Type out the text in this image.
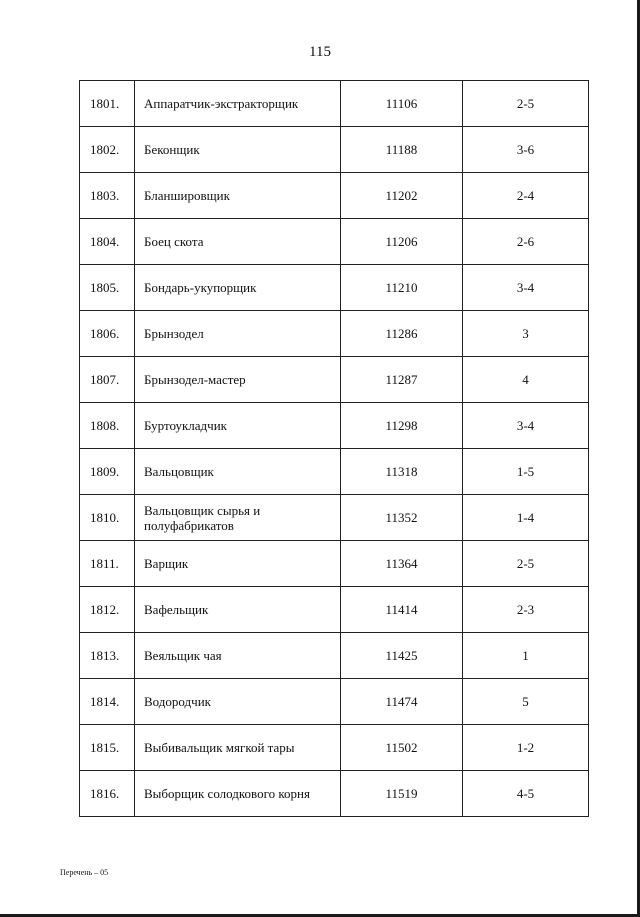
115
1801.	Аппаратчик-экстракторщик	11106	2-5
1802.	Беконщик	11188	3-6
1803.	Бланшировщик	11202	2-4
1804.	Боец скота	11206	2-6
1805.	Бондарь-укупорщик	11210	3-4
1806.	Брынзодел	11286	3
1807.	Брынзодел-мастер	11287	4
1808.	Буртоукладчик	11298	3-4
1809.	Вальцовщик	11318	1-5
1810.	Вальцовщик сырья и полуфабрикатов	11352	1-4
1811.	Варщик	11364	2-5
1812.	Вафельщик	11414	2-3
1813.	Веяльщик чая	11425	1
1814.	Водородчик	11474	5
1815.	Выбивальщик мягкой тары	11502	1-2
1816.	Выборщик солодкового корня	11519	4-5
Перечень – 05
